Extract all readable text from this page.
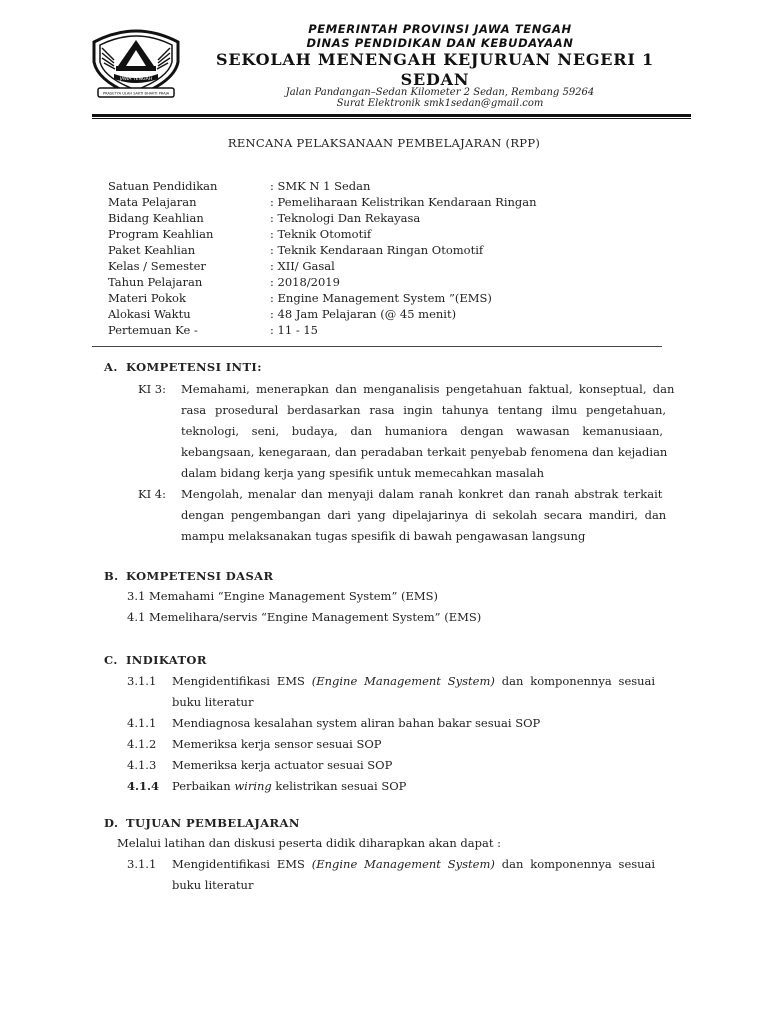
JAWA TENGAH
PRASETYA ULAH SAKTI BHAKTI PRAJA
PEMERINTAH PROVINSI JAWA TENGAH
DINAS PENDIDIKAN DAN KEBUDAYAAN
SEKOLAH MENENGAH KEJURUAN NEGERI 1
SEDAN
Jalan Pandangan–Sedan Kilometer 2 Sedan, Rembang 59264
Surat Elektronik smk1sedan@gmail.com
RENCANA PELAKSANAAN PEMBELAJARAN (RPP)
Satuan Pendidikan	: SMK N 1 Sedan
Mata Pelajaran	: Pemeliharaan Kelistrikan Kendaraan Ringan
Bidang Keahlian	: Teknologi Dan Rekayasa
Program Keahlian	: Teknik Otomotif
Paket Keahlian	: Teknik Kendaraan Ringan Otomotif
Kelas / Semester	: XII/ Gasal
Tahun Pelajaran	: 2018/2019
Materi Pokok	: Engine Management System ”(EMS)
Alokasi Waktu	: 48 Jam Pelajaran (@ 45 menit)
Pertemuan Ke -	: 11 - 15
A. KOMPETENSI INTI:
KI 3: Memahami, menerapkan dan menganalisis pengetahuan faktual, konseptual, dan
rasa prosedural berdasarkan rasa ingin tahunya tentang ilmu pengetahuan,
teknologi, seni, budaya, dan humaniora dengan wawasan kemanusiaan,
kebangsaan, kenegaraan, dan peradaban terkait penyebab fenomena dan kejadian
dalam bidang kerja yang spesifik untuk memecahkan masalah
KI 4: Mengolah, menalar dan menyaji dalam ranah konkret dan ranah abstrak terkait
dengan pengembangan dari yang dipelajarinya di sekolah secara mandiri, dan
mampu melaksanakan tugas spesifik di bawah pengawasan langsung
B. KOMPETENSI DASAR
3.1 Memahami “Engine Management System” (EMS)
4.1 Memelihara/servis “Engine Management System” (EMS)
C. INDIKATOR
3.1.1 Mengidentifikasi EMS (Engine Management System) dan komponennya sesuai
buku literatur
4.1.1 Mendiagnosa kesalahan system aliran bahan bakar sesuai SOP
4.1.2 Memeriksa kerja sensor sesuai SOP
4.1.3 Memeriksa kerja actuator sesuai SOP
4.1.4 Perbaikan wiring kelistrikan sesuai SOP
D. TUJUAN PEMBELAJARAN
Melalui latihan dan diskusi peserta didik diharapkan akan dapat :
3.1.1 Mengidentifikasi EMS (Engine Management System) dan komponennya sesuai
buku literatur
